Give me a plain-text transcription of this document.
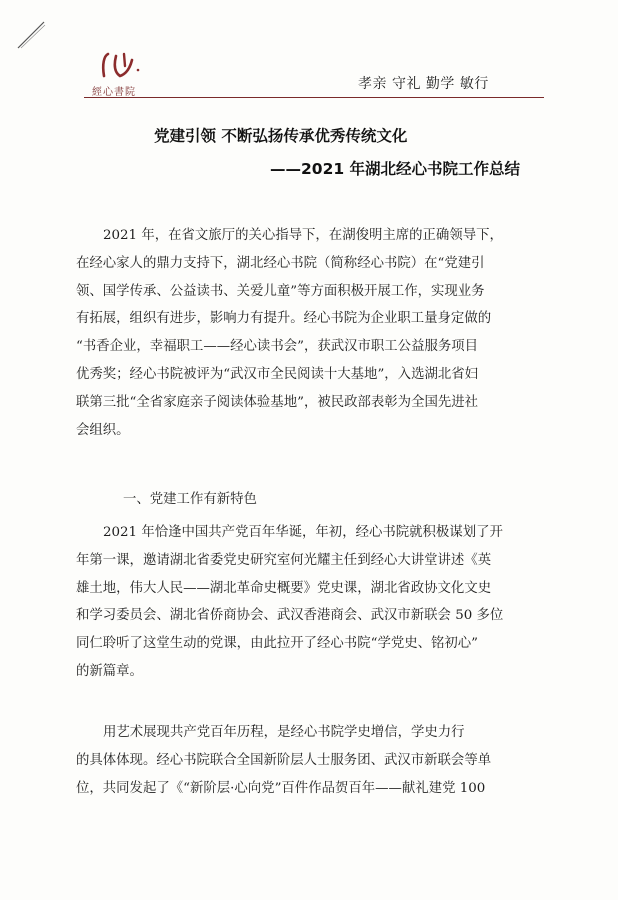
經心書院
孝亲 守礼 勤学 敏行
党建引领 不断弘扬传承优秀传统文化
——2021 年湖北经心书院工作总结
2021 年，在省文旅厅的关心指导下，在湖俊明主席的正确领导下，
在经心家人的鼎力支持下，湖北经心书院（简称经心书院）在“党建引
领、国学传承、公益读书、关爱儿童”等方面积极开展工作，实现业务
有拓展，组织有进步，影响力有提升。经心书院为企业职工量身定做的
“书香企业，幸福职工——经心读书会”，获武汉市职工公益服务项目
优秀奖；经心书院被评为“武汉市全民阅读十大基地”，入选湖北省妇
联第三批“全省家庭亲子阅读体验基地”，被民政部表彰为全国先进社
会组织。
一、党建工作有新特色
2021 年恰逢中国共产党百年华诞，年初，经心书院就积极谋划了开
年第一课，邀请湖北省委党史研究室何光耀主任到经心大讲堂讲述《英
雄土地，伟大人民——湖北革命史概要》党史课，湖北省政协文化文史
和学习委员会、湖北省侨商协会、武汉香港商会、武汉市新联会 50 多位
同仁聆听了这堂生动的党课，由此拉开了经心书院“学党史、铭初心”
的新篇章。
用艺术展现共产党百年历程，是经心书院学史增信，学史力行
的具体体现。经心书院联合全国新阶层人士服务团、武汉市新联会等单
位，共同发起了《“新阶层·心向党”百件作品贺百年——献礼建党 100
